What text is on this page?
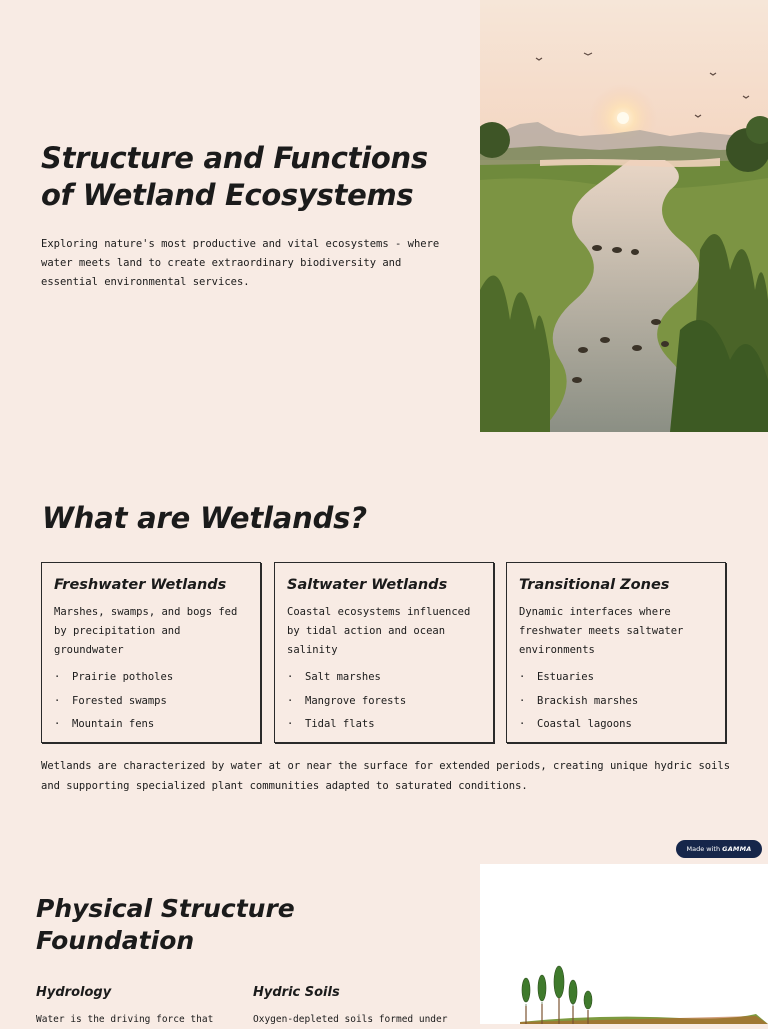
Structure and Functions of Wetland Ecosystems

Exploring nature's most productive and vital ecosystems - where water meets land to create extraordinary biodiversity and essential environmental services.

What are Wetlands?
Freshwater Wetlands

Marshes, swamps, and bogs fed by precipitation and groundwater

·	Prairie potholes
·	Forested swamps
·	Mountain fens
Saltwater Wetlands

Coastal ecosystems influenced by tidal action and ocean salinity

·	Salt marshes
·	Mangrove forests
·	Tidal flats
Transitional Zones

Dynamic interfaces where freshwater meets saltwater environments

·	Estuaries
·	Brackish marshes
·	Coastal lagoons

Wetlands are characterized by water at or near the surface for extended periods, creating unique hydric soils and supporting specialized plant communities adapted to saturated conditions.

Made with GAMMA
Physical Structure Foundation
Hydrology

Water is the driving force that

Hydric Soils

Oxygen-depleted soils formed under
